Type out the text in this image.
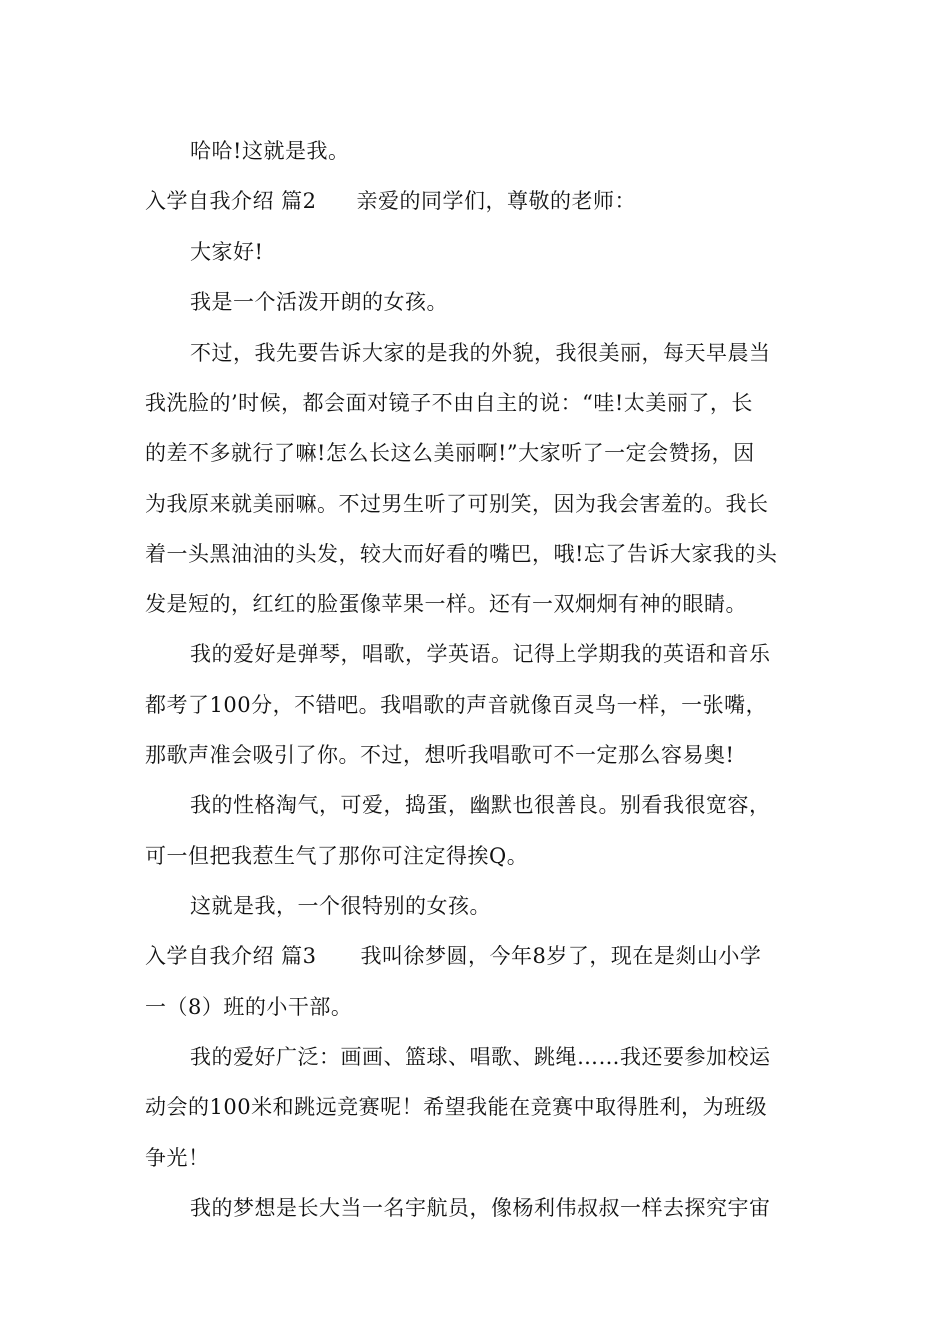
哈哈!这就是我。
入学自我介绍 篇2 亲爱的同学们，尊敬的老师：
大家好!
我是一个活泼开朗的女孩。
不过，我先要告诉大家的是我的外貌，我很美丽，每天早晨当
我洗脸的’时候，都会面对镜子不由自主的说：“哇!太美丽了，长
的差不多就行了嘛!怎么长这么美丽啊!”大家听了一定会赞扬，因
为我原来就美丽嘛。不过男生听了可别笑，因为我会害羞的。我长
着一头黑油油的头发，较大而好看的嘴巴，哦!忘了告诉大家我的头
发是短的，红红的脸蛋像苹果一样。还有一双炯炯有神的眼睛。
我的爱好是弹琴，唱歌，学英语。记得上学期我的英语和音乐
都考了100分，不错吧。我唱歌的声音就像百灵鸟一样，一张嘴，
那歌声准会吸引了你。不过，想听我唱歌可不一定那么容易奥!
我的性格淘气，可爱，捣蛋，幽默也很善良。别看我很宽容，
可一但把我惹生气了那你可注定得挨Q。
这就是我，一个很特别的女孩。
入学自我介绍 篇3 我叫徐梦圆，今年8岁了，现在是剡山小学
一（8）班的小干部。
我的爱好广泛：画画、篮球、唱歌、跳绳……我还要参加校运
动会的100米和跳远竞赛呢！希望我能在竞赛中取得胜利，为班级
争光！
我的梦想是长大当一名宇航员，像杨利伟叔叔一样去探究宇宙
